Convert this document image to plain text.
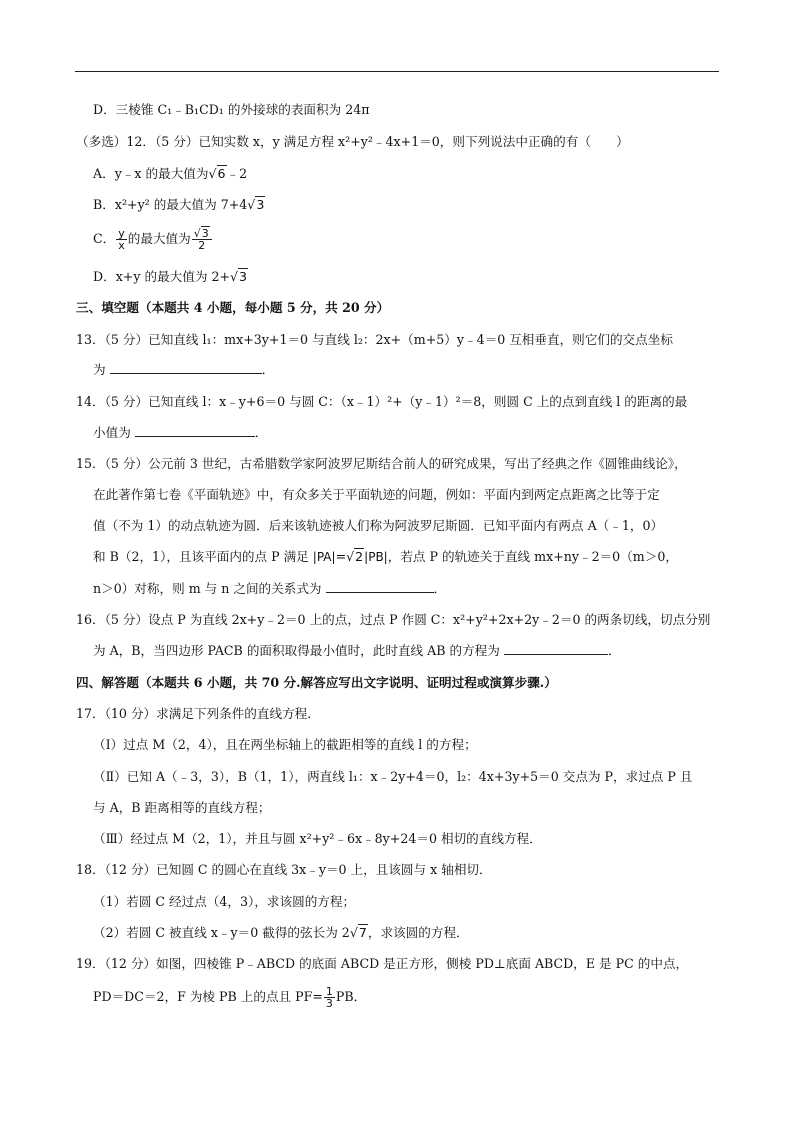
D．三棱锥 C₁﹣B₁CD₁ 的外接球的表面积为 24π
（多选）12．（5 分）已知实数 x，y 满足方程 x²+y²﹣4x+1＝0，则下列说法中正确的有（　　）
A．y﹣x 的最大值为√6﹣2
B．x²+y² 的最大值为 7+4√3
C． $\frac{y}{x}$ 的最大值为 $\frac{√3}{2}$
D．x+y 的最大值为 2+√3
三、填空题（本题共 4 小题，每小题 5 分，共 20 分）
13．（5 分）已知直线 l₁：mx+3y+1＝0 与直线 l₂：2x+（m+5）y﹣4＝0 互相垂直，则它们的交点坐标
为	．
14．（5 分）已知直线 l：x﹣y+6＝0 与圆 C：（x﹣1）²+（y﹣1）²＝8，则圆 C 上的点到直线 l 的距离的最
小值为	．
15．（5 分）公元前 3 世纪，古希腊数学家阿波罗尼斯结合前人的研究成果，写出了经典之作《圆锥曲线论》，
在此著作第七卷《平面轨迹》中，有众多关于平面轨迹的问题，例如：平面内到两定点距离之比等于定
值（不为 1）的动点轨迹为圆．后来该轨迹被人们称为阿波罗尼斯圆．已知平面内有两点 A（﹣1，0）
和 B（2，1），且该平面内的点 P 满足 |PA|=√2|PB|，若点 P 的轨迹关于直线 mx+ny﹣2＝0（m＞0，
n＞0）对称，则 m 与 n 之间的关系式为	．
16．（5 分）设点 P 为直线 2x+y﹣2＝0 上的点，过点 P 作圆 C：x²+y²+2x+2y﹣2＝0 的两条切线，切点分别
为 A，B，当四边形 PACB 的面积取得最小值时，此时直线 AB 的方程为	．
四、解答题（本题共 6 小题，共 70 分.解答应写出文字说明、证明过程或演算步骤.）
17．（10 分）求满足下列条件的直线方程．
（Ⅰ）过点 M（2，4），且在两坐标轴上的截距相等的直线 l 的方程；
（Ⅱ）已知 A（﹣3，3），B（1，1），两直线 l₁：x﹣2y+4＝0，l₂：4x+3y+5＝0 交点为 P，求过点 P 且
与 A，B 距离相等的直线方程；
（Ⅲ）经过点 M（2，1），并且与圆 x²+y²﹣6x﹣8y+24＝0 相切的直线方程．
18．（12 分）已知圆 C 的圆心在直线 3x﹣y＝0 上，且该圆与 x 轴相切．
（1）若圆 C 经过点（4，3），求该圆的方程；
（2）若圆 C 被直线 x﹣y＝0 截得的弦长为 2√7，求该圆的方程．
19．（12 分）如图，四棱锥 P﹣ABCD 的底面 ABCD 是正方形，侧棱 PD⊥底面 ABCD，E 是 PC 的中点，
PD＝DC＝2，F 为棱 PB 上的点且 $PF= \frac{1}{3}$ PB．
